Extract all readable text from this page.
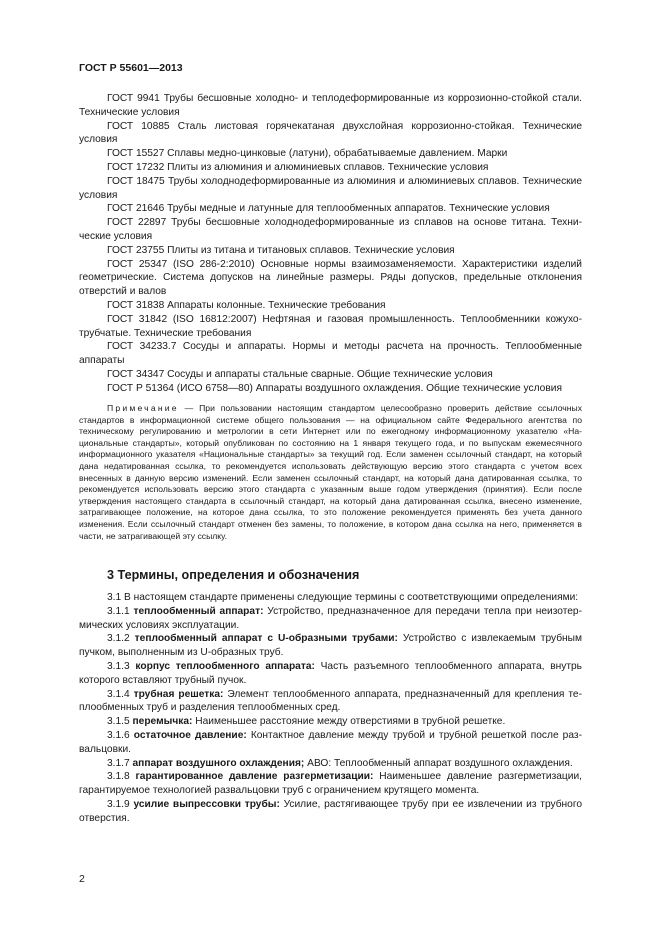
ГОСТ Р 55601—2013

ГОСТ 9941 Трубы бесшовные холодно- и теплодеформированные из коррозионно-стойкой стали. Технические условия

ГОСТ 10885 Сталь листовая горячекатаная двухслойная коррозионно-стойкая. Технические условия

ГОСТ 15527 Сплавы медно-цинковые (латуни), обрабатываемые давлением. Марки

ГОСТ 17232 Плиты из алюминия и алюминиевых сплавов. Технические условия

ГОСТ 18475 Трубы холоднодеформированные из алюминия и алюминиевых сплавов. Технические условия

ГОСТ 21646 Трубы медные и латунные для теплообменных аппаратов. Технические условия

ГОСТ 22897 Трубы бесшовные холоднодеформированные из сплавов на основе титана. Технические условия

ГОСТ 23755 Плиты из титана и титановых сплавов. Технические условия

ГОСТ 25347 (ISO 286-2:2010) Основные нормы взаимозаменяемости. Характеристики изделий геометрические. Система допусков на линейные размеры. Ряды допусков, предельные отклонения отверстий и валов

ГОСТ 31838 Аппараты колонные. Технические требования

ГОСТ 31842 (ISO 16812:2007) Нефтяная и газовая промышленность. Теплообменники кожухотрубчатые. Технические требования

ГОСТ 34233.7 Сосуды и аппараты. Нормы и методы расчета на прочность. Теплообменные аппараты

ГОСТ 34347 Сосуды и аппараты стальные сварные. Общие технические условия

ГОСТ Р 51364 (ИСО 6758—80) Аппараты воздушного охлаждения. Общие технические условия

Примечание — При пользовании настоящим стандартом целесообразно проверить действие ссылочных стандартов в информационной системе общего пользования — на официальном сайте Федерального агентства по техническому регулированию и метрологии в сети Интернет или по ежегодному информационному указателю «Национальные стандарты», который опубликован по состоянию на 1 января текущего года, и по выпускам ежемесячного информационного указателя «Национальные стандарты» за текущий год. Если заменен ссылочный стандарт, на который дана недатированная ссылка, то рекомендуется использовать действующую версию этого стандарта с учетом всех внесенных в данную версию изменений. Если заменен ссылочный стандарт, на который дана датированная ссылка, то рекомендуется использовать версию этого стандарта с указанным выше годом утверждения (принятия). Если после утверждения настоящего стандарта в ссылочный стандарт, на который дана датированная ссылка, внесено изменение, затрагивающее положение, на которое дана ссылка, то это положение рекомендуется применять без учета данного изменения. Если ссылочный стандарт отменен без замены, то положение, в котором дана ссылка на него, применяется в части, не затрагивающей эту ссылку.

3 Термины, определения и обозначения

3.1 В настоящем стандарте применены следующие термины с соответствующими определениями:

3.1.1 теплообменный аппарат: Устройство, предназначенное для передачи тепла при неизотермических условиях эксплуатации.

3.1.2 теплообменный аппарат с U-образными трубами: Устройство с извлекаемым трубным пучком, выполненным из U-образных труб.

3.1.3 корпус теплообменного аппарата: Часть разъемного теплообменного аппарата, внутрь которого вставляют трубный пучок.

3.1.4 трубная решетка: Элемент теплообменного аппарата, предназначенный для крепления теплообменных труб и разделения теплообменных сред.

3.1.5 перемычка: Наименьшее расстояние между отверстиями в трубной решетке.

3.1.6 остаточное давление: Контактное давление между трубой и трубной решеткой после развальцовки.

3.1.7 аппарат воздушного охлаждения; АВО: Теплообменный аппарат воздушного охлаждения.

3.1.8 гарантированное давление разгерметизации: Наименьшее давление разгерметизации, гарантируемое технологией развальцовки труб с ограничением крутящего момента.

3.1.9 усилие выпрессовки трубы: Усилие, растягивающее трубу при ее извлечении из трубного отверстия.

2
